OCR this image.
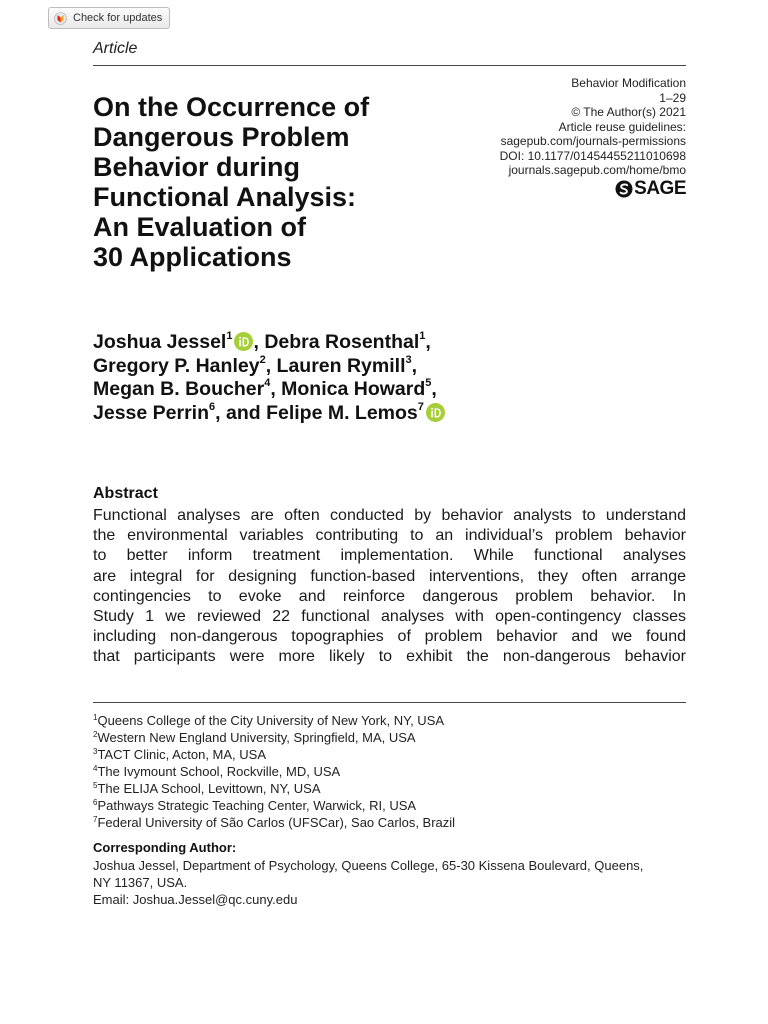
Check for updates
Article
Behavior Modification
1–29
© The Author(s) 2021
Article reuse guidelines:
sagepub.com/journals-permissions
DOI: 10.1177/01454455211010698
journals.sagepub.com/home/bmo
SAGE
On the Occurrence of
Dangerous Problem
Behavior during
Functional Analysis:
An Evaluation of
30 Applications
Joshua Jessel$^1$ , Debra Rosenthal$^1$,
Gregory P. Hanley$^2$, Lauren Rymill$^3$,
Megan B. Boucher$^4$, Monica Howard$^5$,
Jesse Perrin$^6$, and Felipe M. Lemos$^7$
Abstract
Functional analyses are often conducted by behavior analysts to understand
the environmental variables contributing to an individual’s problem behavior
to better inform treatment implementation. While functional analyses
are integral for designing function-based interventions, they often arrange
contingencies to evoke and reinforce dangerous problem behavior. In
Study 1 we reviewed 22 functional analyses with open-contingency classes
including non-dangerous topographies of problem behavior and we found
that participants were more likely to exhibit the non-dangerous behavior
$^1$Queens College of the City University of New York, NY, USA
$^2$Western New England University, Springfield, MA, USA
$^3$TACT Clinic, Acton, MA, USA
$^4$The Ivymount School, Rockville, MD, USA
$^5$The ELIJA School, Levittown, NY, USA
$^6$Pathways Strategic Teaching Center, Warwick, RI, USA
$^7$Federal University of São Carlos (UFSCar), Sao Carlos, Brazil
Corresponding Author:
Joshua Jessel, Department of Psychology, Queens College, 65-30 Kissena Boulevard, Queens,
NY 11367, USA.
Email: Joshua.Jessel@qc.cuny.edu
